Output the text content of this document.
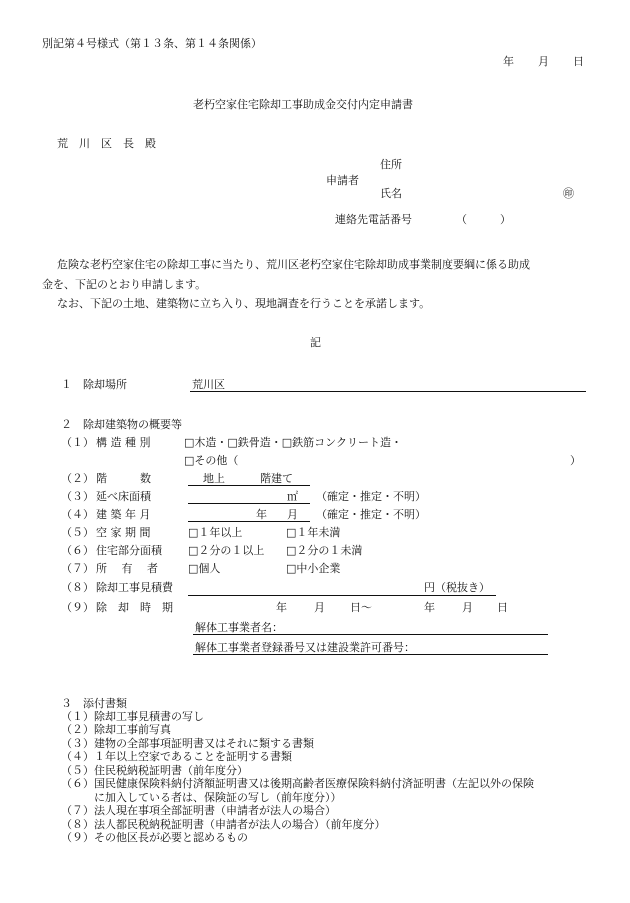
別記第４号様式（第１３条、第１４条関係）
年 月 日
老朽空家住宅除却工事助成金交付内定申請書
荒　川　区　長　殿
住所
申請者
氏名	㊞
連絡先電話番号	（　　　）
危険な老朽空家住宅の除却工事に当たり、荒川区老朽空家住宅除却助成事業制度要綱に係る助成
金を、下記のとおり申請します。
なお、下記の土地、建築物に立ち入り、現地調査を行うことを承諾します。
記
１ 除却場所	荒川区
２　除却建築物の概要等
（１） 構 造 種 別	□木造・□鉄骨造・□鉄筋コンクリート造・
□その他（	）
（２） 階　　　数	地上	階建て
（３） 延べ床面積	㎡ （確定・推定・不明）
（４） 建 築 年 月	年 月 （確定・推定・不明）
（５） 空 家 期 間	□１年以上	□１年未満
（６） 住宅部分面積 □２分の１以上 □２分の１未満
（７） 所　 有 　者	□個人	□中小企業
（８） 除却工事見積費	円（税抜き）
（９） 除　却　時　期	年 月 日～	年 月 日
解体工事業者名：
解体工事業者登録番号又は建設業許可番号：
３　添付書類
（１）除却工事見積書の写し
（２）除却工事前写真
（３）建物の全部事項証明書又はそれに類する書類
（４）１年以上空家であることを証明する書類
（５）住民税納税証明書（前年度分）
（６）国民健康保険料納付済額証明書又は後期高齢者医療保険料納付済証明書（左記以外の保険
　　　に加入している者は、保険証の写し（前年度分））
（７）法人現在事項全部証明書（申請者が法人の場合）
（８）法人都民税納税証明書（申請者が法人の場合）（前年度分）
（９）その他区長が必要と認めるもの
